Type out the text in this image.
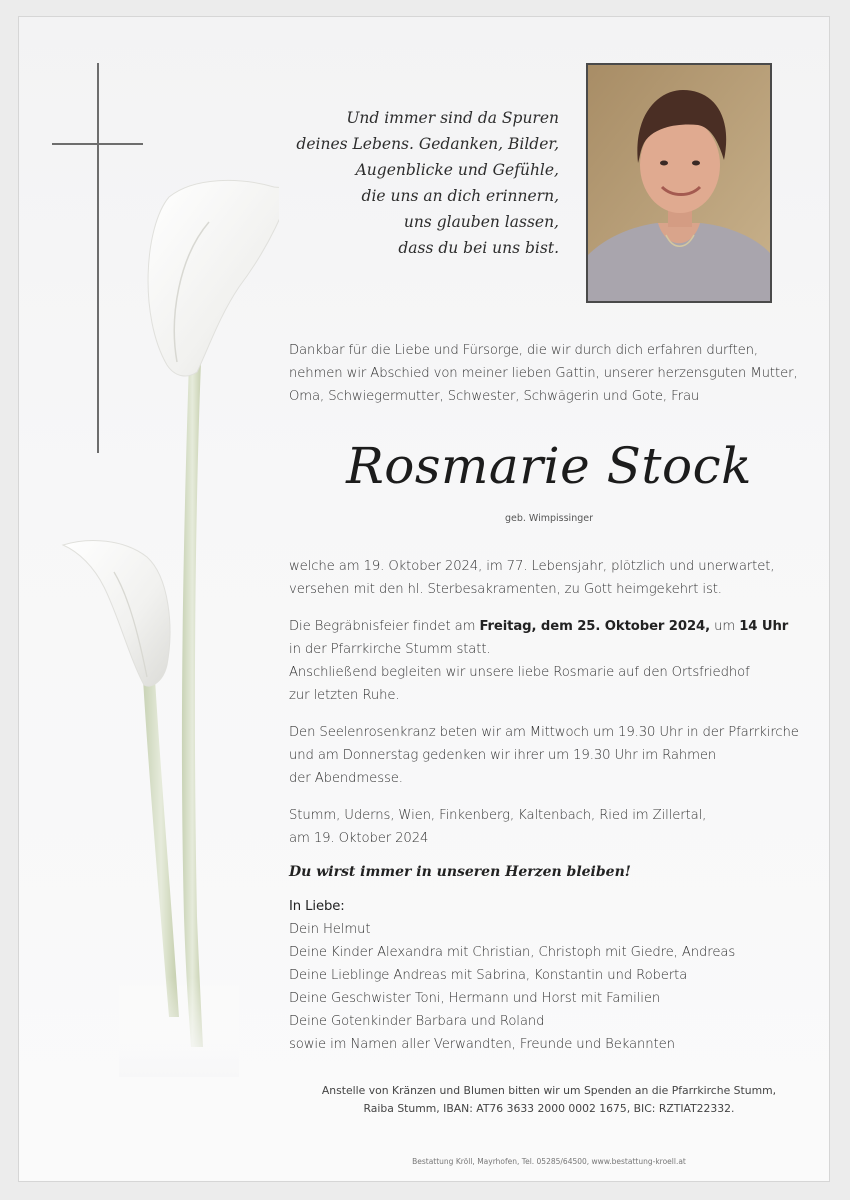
Und immer sind da Spuren
deines Lebens. Gedanken, Bilder,
Augenblicke und Gefühle,
die uns an dich erinnern,
uns glauben lassen,
dass du bei uns bist.
Dankbar für die Liebe und Fürsorge, die wir durch dich erfahren durften,
nehmen wir Abschied von meiner lieben Gattin, unserer herzensguten Mutter,
Oma, Schwiegermutter, Schwester, Schwägerin und Gote, Frau
Rosmarie Stock
geb. Wimpissinger
welche am 19. Oktober 2024, im 77. Lebensjahr, plötzlich und unerwartet,
versehen mit den hl. Sterbesakramenten, zu Gott heimgekehrt ist.
Die Begräbnisfeier findet am Freitag, dem 25. Oktober 2024, um 14 Uhr
in der Pfarrkirche Stumm statt.
Anschließend begleiten wir unsere liebe Rosmarie auf den Ortsfriedhof
zur letzten Ruhe.
Den Seelenrosenkranz beten wir am Mittwoch um 19.30 Uhr in der Pfarrkirche
und am Donnerstag gedenken wir ihrer um 19.30 Uhr im Rahmen
der Abendmesse.
Stumm, Uderns, Wien, Finkenberg, Kaltenbach, Ried im Zillertal,
am 19. Oktober 2024
Du wirst immer in unseren Herzen bleiben!
In Liebe:
Dein Helmut
Deine Kinder Alexandra mit Christian, Christoph mit Giedre, Andreas
Deine Lieblinge Andreas mit Sabrina, Konstantin und Roberta
Deine Geschwister Toni, Hermann und Horst mit Familien
Deine Gotenkinder Barbara und Roland
sowie im Namen aller Verwandten, Freunde und Bekannten
Anstelle von Kränzen und Blumen bitten wir um Spenden an die Pfarrkirche Stumm,
Raiba Stumm, IBAN: AT76 3633 2000 0002 1675, BIC: RZTIAT22332.
Bestattung Kröll, Mayrhofen, Tel. 05285/64500, www.bestattung-kroell.at
